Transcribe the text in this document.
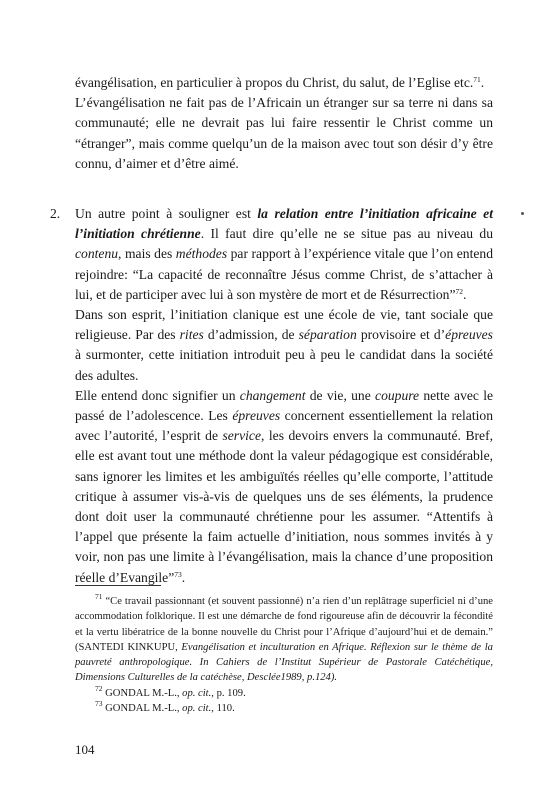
évangélisation, en particulier à propos du Christ, du salut, de l’Eglise etc.$^{71}$.

L’évangélisation ne fait pas de l’Africain un étranger sur sa terre ni dans sa communauté; elle ne devrait pas lui faire ressentir le Christ comme un “étranger”, mais comme quelqu’un de la maison avec tout son désir d’y être connu, d’aimer et d’être aimé.

2.	Un autre point à souligner est la relation entre l’initiation africaine et l’initiation chrétienne. Il faut dire qu’elle ne se situe pas au niveau du contenu, mais des méthodes par rapport à l’expérience vitale que l’on entend rejoindre: “La capacité de reconnaître Jésus comme Christ, de s’attacher à lui, et de participer avec lui à son mystère de mort et de Résurrection”$^{72}$.

Dans son esprit, l’initiation clanique est une école de vie, tant sociale que religieuse. Par des rites d’admission, de séparation provisoire et d’épreuves à surmonter, cette initiation introduit peu à peu le candidat dans la société des adultes.

Elle entend donc signifier un changement de vie, une coupure nette avec le passé de l’adolescence. Les épreuves concernent essentiellement la relation avec l’autorité, l’esprit de service, les devoirs envers la communauté. Bref, elle est avant tout une méthode dont la valeur pédagogique est considérable, sans ignorer les limites et les ambiguïtés réelles qu’elle comporte, l’attitude critique à assumer vis-à-vis de quelques uns de ses éléments, la prudence dont doit user la communauté chrétienne pour les assumer. “Attentifs à l’appel que présente la faim actuelle d’initiation, nous sommes invités à y voir, non pas une limite à l’évangélisation, mais la chance d’une proposition réelle d’Evangile”$^{73}$.

$^{71}$ “Ce travail passionnant (et souvent passionné) n’a rien d’un replâtrage superficiel ni d’une accommodation folklorique. Il est une démarche de fond rigoureuse afin de découvrir la fécondité et la vertu libératrice de la bonne nouvelle du Christ pour l’Afrique d’aujourd’hui et de demain.” (SANTEDI KINKUPU, Evangélisation et inculturation en Afrique. Réflexion sur le thème de la pauvreté anthropologique. In Cahiers de l’Institut Supérieur de Pastorale Catéchétique, Dimensions Culturelles de la catéchèse, Desclée1989, p.124).

$^{72}$ GONDAL M.-L., op. cit., p. 109.

$^{73}$ GONDAL M.-L., op. cit., 110.

104
